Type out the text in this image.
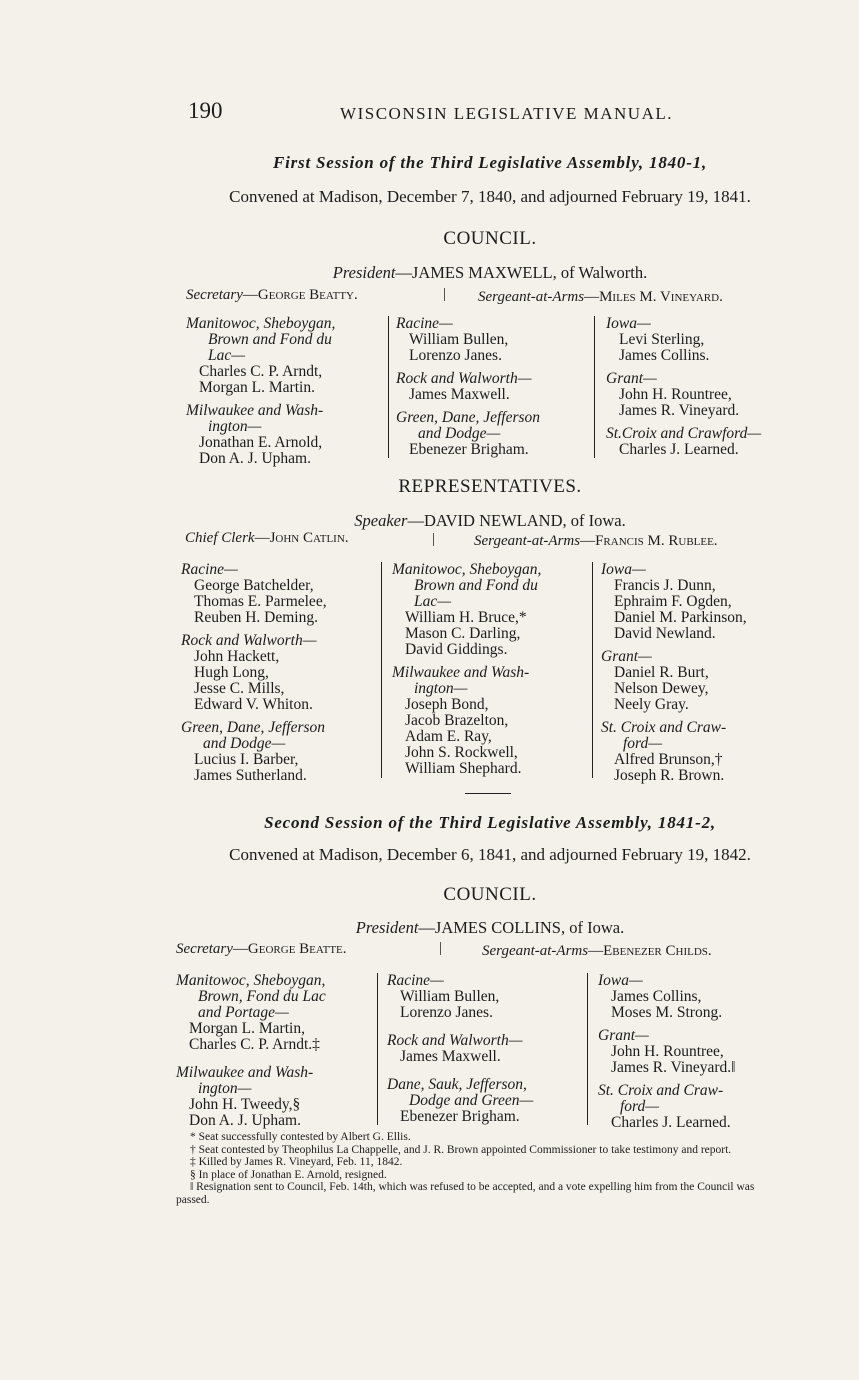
190	WISCONSIN LEGISLATIVE MANUAL.
First Session of the Third Legislative Assembly, 1840-1,
Convened at Madison, December 7, 1840, and adjourned February 19, 1841.
COUNCIL.
President—JAMES MAXWELL, of Walworth.
Secretary—George Beatty.	| Sergeant-at-Arms—Miles M. Vineyard.
Manitowoc, Sheboygan,
Brown and Fond du
Lac—
Charles C. P. Arndt,
Morgan L. Martin.
Milwaukee and Wash-
ington—
Jonathan E. Arnold,
Don A. J. Upham.
Racine—
William Bullen,
Lorenzo Janes.
Rock and Walworth—
James Maxwell.
Green, Dane, Jefferson
and Dodge—
Ebenezer Brigham.
Iowa—
Levi Sterling,
James Collins.
Grant—
John H. Rountree,
James R. Vineyard.
St.Croix and Crawford—
Charles J. Learned.
REPRESENTATIVES.
Speaker—DAVID NEWLAND, of Iowa.
Chief Clerk—John Catlin.	|	Sergeant-at-Arms—Francis M. Rublee.
Racine—
George Batchelder,
Thomas E. Parmelee,
Reuben H. Deming.
Rock and Walworth—
John Hackett,
Hugh Long,
Jesse C. Mills,
Edward V. Whiton.
Green, Dane, Jefferson
and Dodge—
Lucius I. Barber,
James Sutherland.
Manitowoc, Sheboygan,
Brown and Fond du
Lac—
William H. Bruce,*
Mason C. Darling,
David Giddings.
Milwaukee and Wash-
ington—
Joseph Bond,
Jacob Brazelton,
Adam E. Ray,
John S. Rockwell,
William Shephard.
Iowa—
Francis J. Dunn,
Ephraim F. Ogden,
Daniel M. Parkinson,
David Newland.
Grant—
Daniel R. Burt,
Nelson Dewey,
Neely Gray.
St. Croix and Craw-
ford—
Alfred Brunson,†
Joseph R. Brown.
Second Session of the Third Legislative Assembly, 1841-2,
Convened at Madison, December 6, 1841, and adjourned February 19, 1842.
COUNCIL.
President—JAMES COLLINS, of Iowa.
Secretary—George Beatte.	|	Sergeant-at-Arms—Ebenezer Childs.
Manitowoc, Sheboygan,
Brown, Fond du Lac
and Portage—
Morgan L. Martin,
Charles C. P. Arndt.‡
Milwaukee and Wash-
ington—
John H. Tweedy,§
Don A. J. Upham.
Racine—
William Bullen,
Lorenzo Janes.
Rock and Walworth—
James Maxwell.
Dane, Sauk, Jefferson,
Dodge and Green—
Ebenezer Brigham.
Iowa—
James Collins,
Moses M. Strong.
Grant—
John H. Rountree,
James R. Vineyard.‖
St. Croix and Craw-
ford—
Charles J. Learned.
* Seat successfully contested by Albert G. Ellis.
† Seat contested by Theophilus La Chappelle, and J. R. Brown appointed Commissioner to take testimony and report.
‡ Killed by James R. Vineyard, Feb. 11, 1842.
§ In place of Jonathan E. Arnold, resigned.
‖ Resignation sent to Council, Feb. 14th, which was refused to be accepted, and a vote expelling him from the Council was passed.
